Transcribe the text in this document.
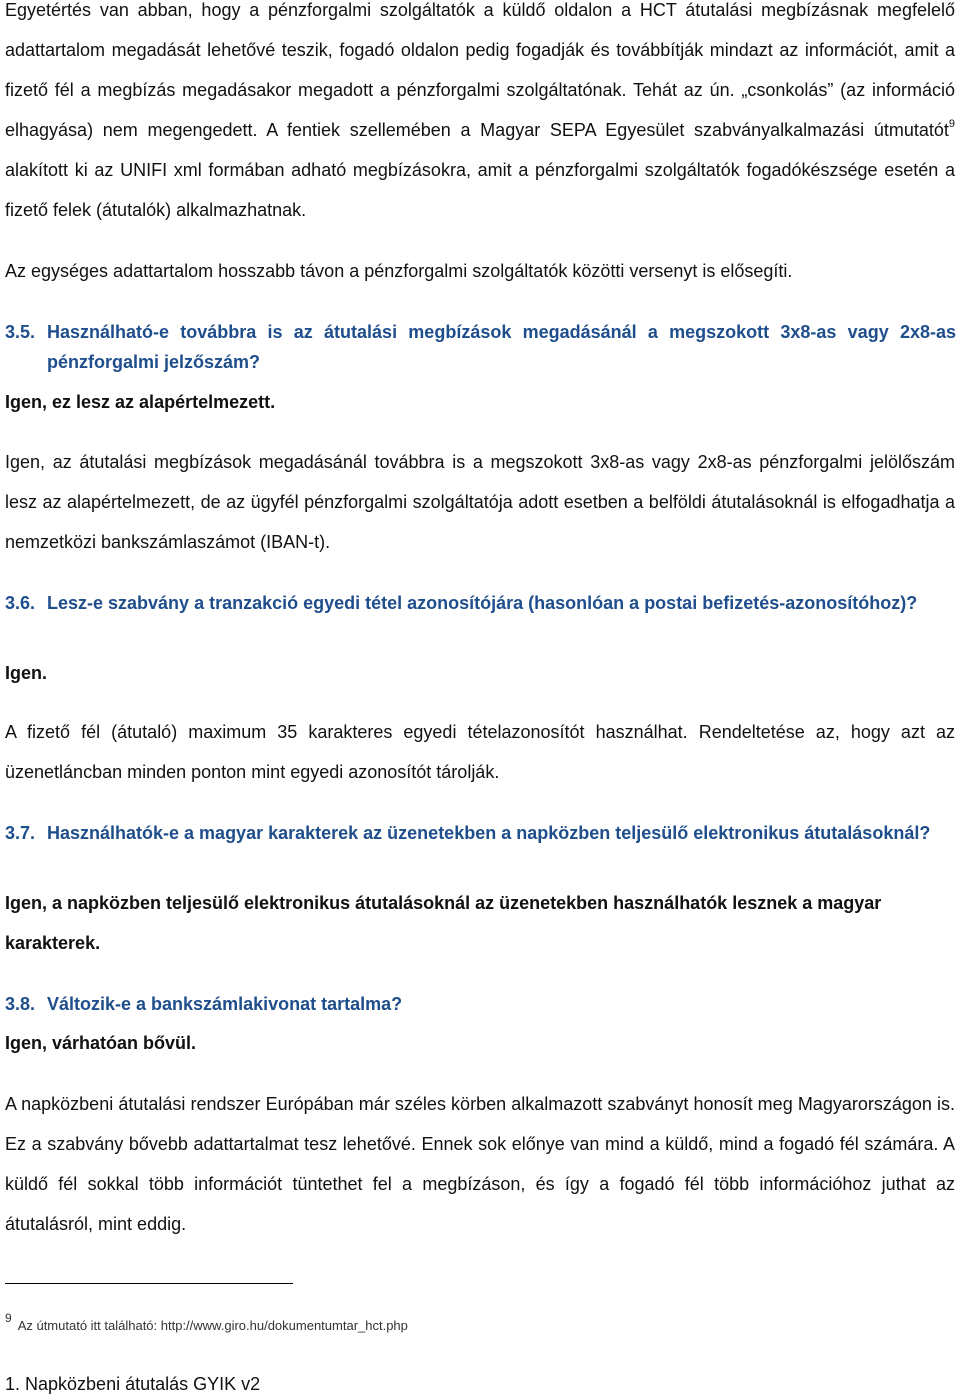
Egyetértés van abban, hogy a pénzforgalmi szolgáltatók a küldő oldalon a HCT átutalási megbízásnak megfelelő adattartalom megadását lehetővé teszik, fogadó oldalon pedig fogadják és továbbítják mindazt az információt, amit a fizető fél a megbízás megadásakor megadott a pénzforgalmi szolgáltatónak. Tehát az ún. „csonkolás” (az információ elhagyása) nem megengedett. A fentiek szellemében a Magyar SEPA Egyesület szabványalkalmazási útmutatót$^9$ alakított ki az UNIFI xml formában adható megbízásokra, amit a pénzforgalmi szolgáltatók fogadókészsége esetén a fizető felek (átutalók) alkalmazhatnak.

Az egységes adattartalom hosszabb távon a pénzforgalmi szolgáltatók közötti versenyt is elősegíti.

3.5. Használható-e továbbra is az átutalási megbízások megadásánál a megszokott 3x8-as vagy 2x8-as pénzforgalmi jelzőszám?
Igen, ez lesz az alapértelmezett.

Igen, az átutalási megbízások megadásánál továbbra is a megszokott 3x8-as vagy 2x8-as pénzforgalmi jelölőszám lesz az alapértelmezett, de az ügyfél pénzforgalmi szolgáltatója adott esetben a belföldi átutalásoknál is elfogadhatja a nemzetközi bankszámlaszámot (IBAN-t).

3.6. Lesz-e szabvány a tranzakció egyedi tétel azonosítójára (hasonlóan a postai befizetés-azonosítóhoz)?
Igen.

A fizető fél (átutaló) maximum 35 karakteres egyedi tételazonosítót használhat. Rendeltetése az, hogy azt az üzenetláncban minden ponton mint egyedi azonosítót tárolják.

3.7. Használhatók-e a magyar karakterek az üzenetekben a napközben teljesülő elektronikus átutalásoknál?
Igen, a napközben teljesülő elektronikus átutalásoknál az üzenetekben használhatók lesznek a magyar karakterek.
3.8. Változik-e a bankszámlakivonat tartalma?
Igen, várhatóan bővül.

A napközbeni átutalási rendszer Európában már széles körben alkalmazott szabványt honosít meg Magyarországon is. Ez a szabvány bővebb adattartalmat tesz lehetővé. Ennek sok előnye van mind a küldő, mind a fogadó fél számára. A küldő fél sokkal több információt tüntethet fel a megbízáson, és így a fogadó fél több információhoz juthat az átutalásról, mint eddig.

$^9$ Az útmutató itt található: http://www.giro.hu/dokumentumtar_hct.php
1. Napközbeni átutalás GYIK v2
